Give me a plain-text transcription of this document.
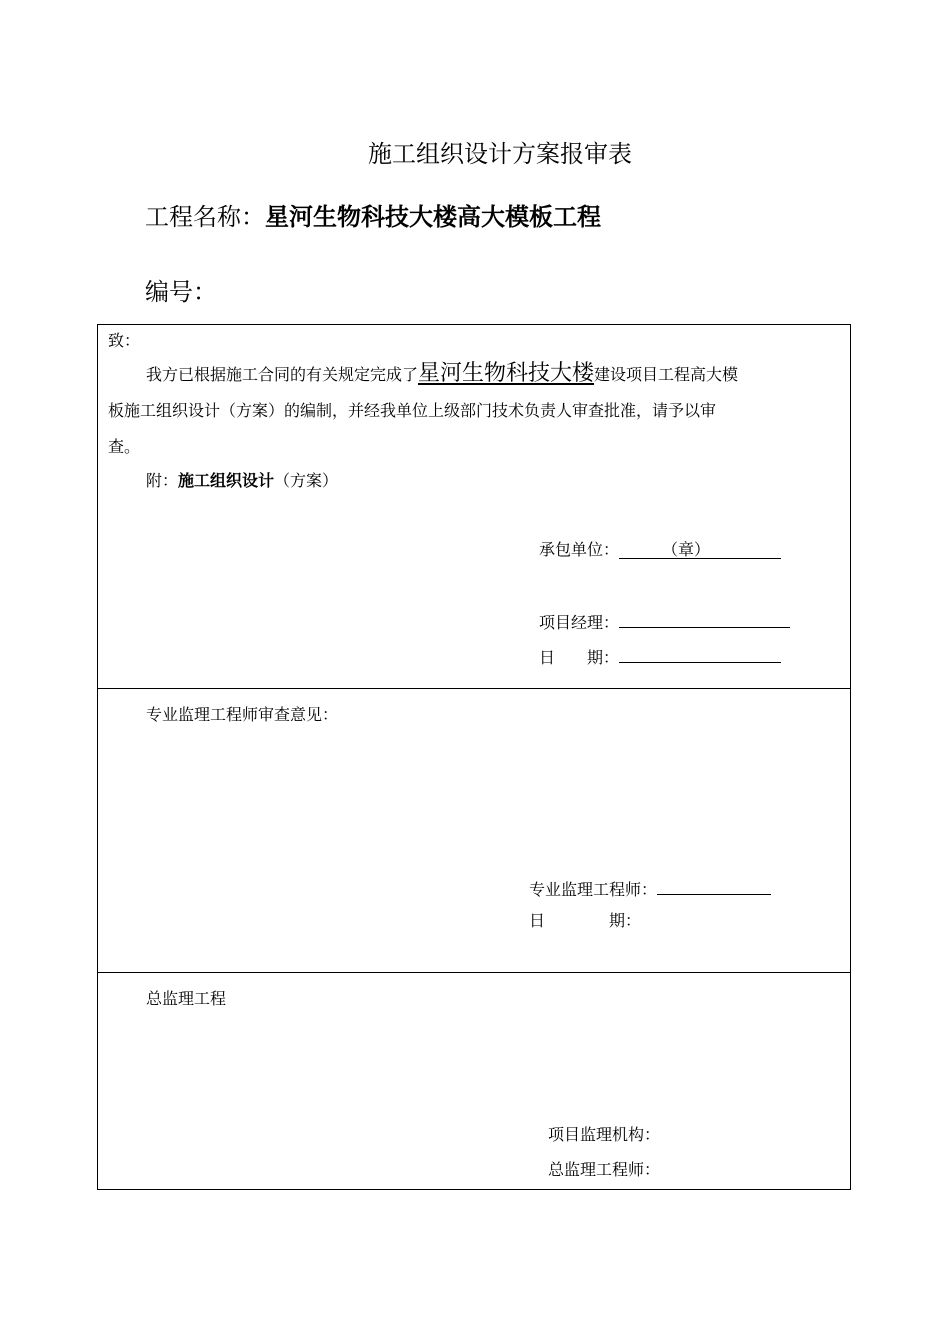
施工组织设计方案报审表
工程名称：星河生物科技大楼高大模板工程
编号：
致：
我方已根据施工合同的有关规定完成了星河生物科技大楼建设项目工程高大模
板施工组织设计（方案）的编制，并经我单位上级部门技术负责人审查批准，请予以审
查。
附：施工组织设计（方案）
承包单位：	（章）
项目经理：
日　　期：
专业监理工程师审查意见：
专业监理工程师：
日　　　　期：
总监理工程
项目监理机构：
总监理工程师：
